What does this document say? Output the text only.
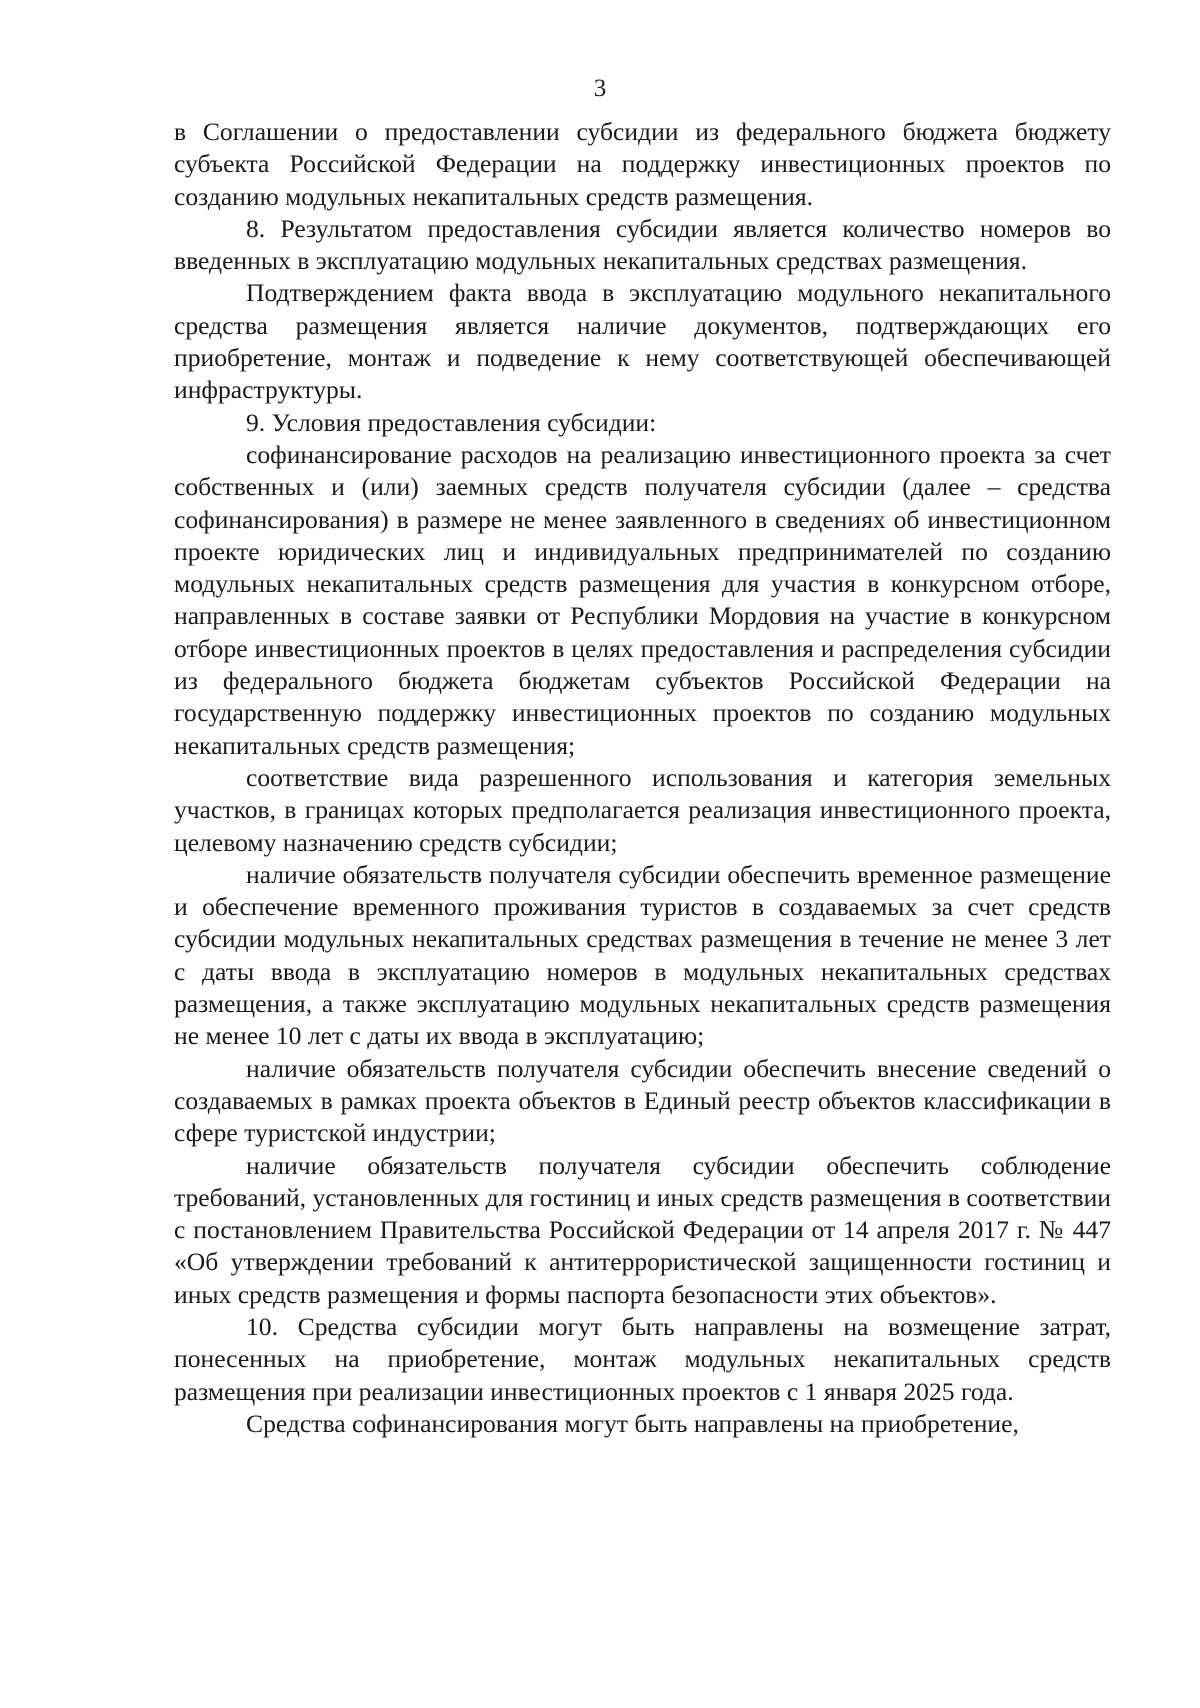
3

в Соглашении о предоставлении субсидии из федерального бюджета бюджету субъекта Российской Федерации на поддержку инвестиционных проектов по созданию модульных некапитальных средств размещения.

8. Результатом предоставления субсидии является количество номеров во введенных в эксплуатацию модульных некапитальных средствах размещения.

Подтверждением факта ввода в эксплуатацию модульного некапитального средства размещения является наличие документов, подтверждающих его приобретение, монтаж и подведение к нему соответствующей обеспечивающей инфраструктуры.

9. Условия предоставления субсидии:

софинансирование расходов на реализацию инвестиционного проекта за счет собственных и (или) заемных средств получателя субсидии (далее – средства софинансирования) в размере не менее заявленного в сведениях об инвестиционном проекте юридических лиц и индивидуальных предпринимателей по созданию модульных некапитальных средств размещения для участия в конкурсном отборе, направленных в составе заявки от Республики Мордовия на участие в конкурсном отборе инвестиционных проектов в целях предоставления и распределения субсидии из федерального бюджета бюджетам субъектов Российской Федерации на государственную поддержку инвестиционных проектов по созданию модульных некапитальных средств размещения;

соответствие вида разрешенного использования и категория земельных участков, в границах которых предполагается реализация инвестиционного проекта, целевому назначению средств субсидии;

наличие обязательств получателя субсидии обеспечить временное размещение и обеспечение временного проживания туристов в создаваемых за счет средств субсидии модульных некапитальных средствах размещения в течение не менее 3 лет с даты ввода в эксплуатацию номеров в модульных некапитальных средствах размещения, а также эксплуатацию модульных некапитальных средств размещения не менее 10 лет с даты их ввода в эксплуатацию;

наличие обязательств получателя субсидии обеспечить внесение сведений о создаваемых в рамках проекта объектов в Единый реестр объектов классификации в сфере туристской индустрии;

наличие обязательств получателя субсидии обеспечить соблюдение требований, установленных для гостиниц и иных средств размещения в соответствии с постановлением Правительства Российской Федерации от 14 апреля 2017 г. № 447 «Об утверждении требований к антитеррористической защищенности гостиниц и иных средств размещения и формы паспорта безопасности этих объектов».

10. Средства субсидии могут быть направлены на возмещение затрат, понесенных на приобретение, монтаж модульных некапитальных средств размещения при реализации инвестиционных проектов с 1 января 2025 года.

Средства софинансирования могут быть направлены на приобретение,
